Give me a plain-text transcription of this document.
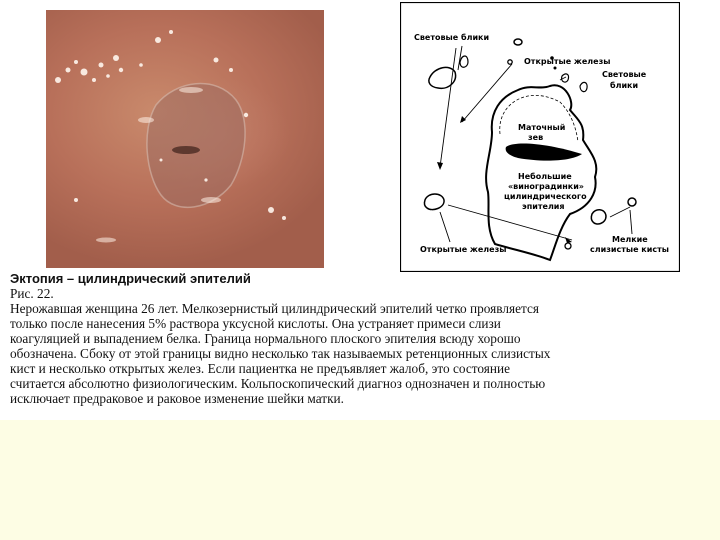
Световые блики
Открытые железы
Световые
блики
Маточный
зев
Небольшие
«виноградинки»
цилиндрического
эпителия
Открытые железы
Мелкие
слизистые кисты
Эктопия – цилиндрический эпителий
Рис. 22.
Нерожавшая женщина 26 лет. Мелкозернистый цилиндрический эпителий четко проявляется
только после нанесения 5% раствора уксусной кислоты. Она устраняет примеси слизи
коагуляцией и выпадением белка. Граница нормального плоского эпителия всюду хорошо
обозначена. Сбоку от этой границы видно несколько так называемых ретенционных слизистых
кист и несколько открытых желез. Если пациентка не предъявляет жалоб, это состояние
считается абсолютно физиологическим. Кольпоскопический диагноз однозначен и полностью
исключает предраковое и раковое изменение шейки матки.
